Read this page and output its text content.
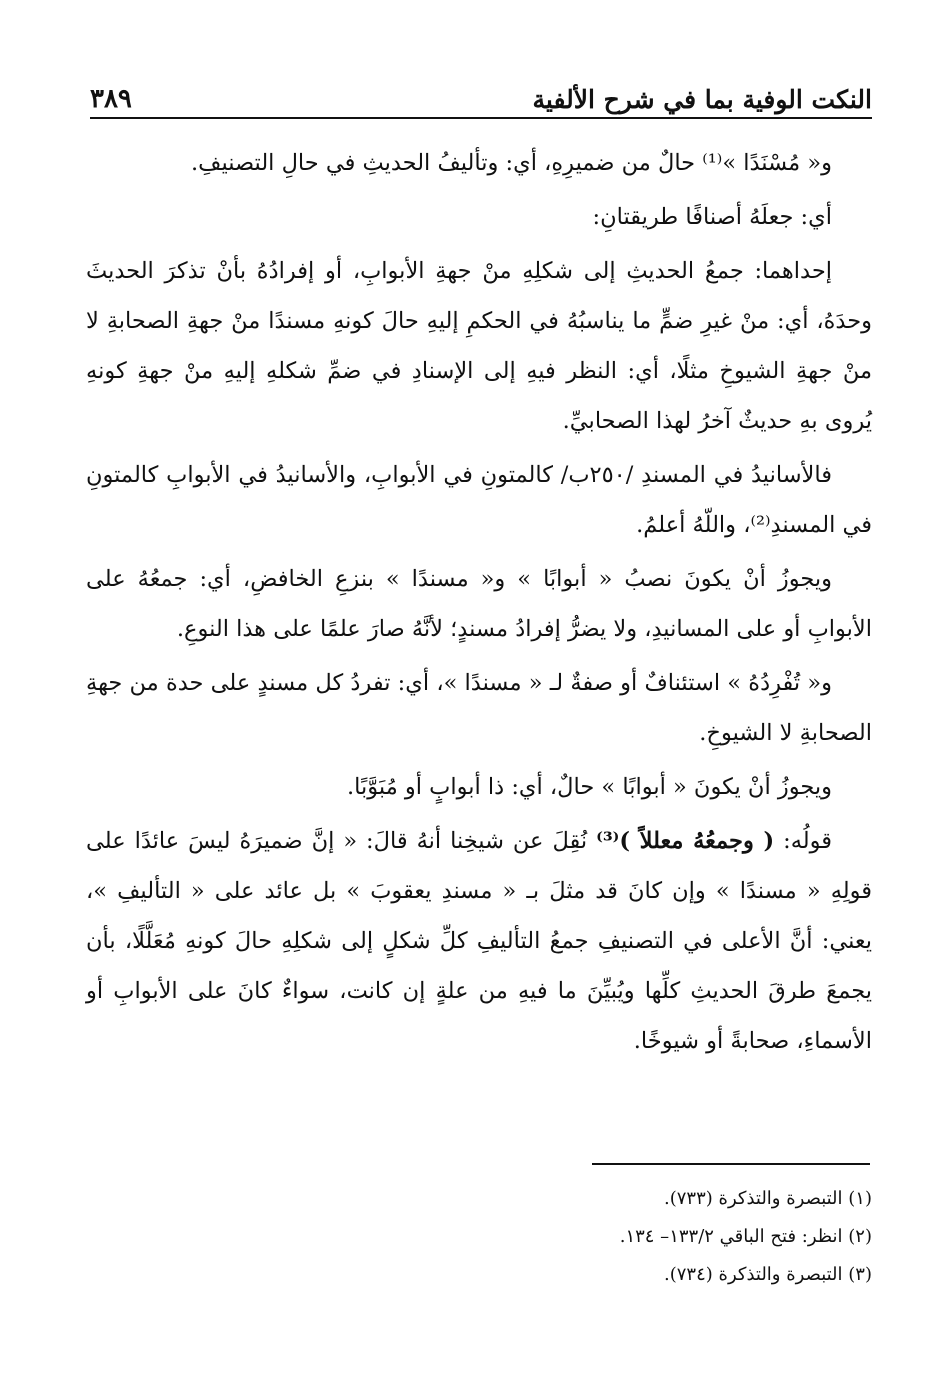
٣٨٩	النكت الوفية بما في شرح الألفية

و« مُسْنَدًا »⁽¹⁾ حالٌ من ضميرِهِ، أي: وتأليفُ الحديثِ في حالِ التصنيفِ.

أي: جعلَهُ أصنافًا طريقتانِ:

إحداهما: جمعُ الحديثِ إلى شكلِهِ منْ جهةِ الأبوابِ، أو إفرادُهُ بأنْ تذكرَ الحديثَ وحدَهُ، أي: منْ غيرِ ضمٍّ ما يناسبُهُ في الحكمِ إليهِ حالَ كونهِ مسندًا منْ جهةِ الصحابةِ لا منْ جهةِ الشيوخِ مثلًا، أي: النظر فيهِ إلى الإسنادِ في ضمِّ شكلهِ إليهِ منْ جهةِ كونهِ يُروى بهِ حديثٌ آخرُ لهذا الصحابيِّ.

فالأسانيدُ في المسندِ /٢٥٠ب/ كالمتونِ في الأبوابِ، والأسانيدُ في الأبوابِ كالمتونِ في المسندِ⁽²⁾، واللّهُ أعلمُ.

ويجوزُ أنْ يكونَ نصبُ « أبوابًا » و« مسندًا » بنزعِ الخافضِ، أي: جمعُهُ على الأبوابِ أو على المسانيدِ، ولا يضرُّ إفرادُ مسندٍ؛ لأنَّهُ صارَ علمًا على هذا النوعِ.

و« تُفْرِدُهُ » استئنافٌ أو صفةٌ لـ « مسندًا »، أي: تفردُ كل مسندٍ على حدة من جهةِ الصحابةِ لا الشيوخِ.

ويجوزُ أنْ يكونَ « أبوابًا » حالٌ، أي: ذا أبوابٍ أو مُبَوَّبًا.

قولُه: ( وجمعُهُ معللاً )⁽³⁾ نُقِلَ عن شيخِنا أنهُ قالَ: « إنَّ ضميرَهُ ليسَ عائدًا على قولِهِ « مسندًا » وإن كانَ قد مثلَ بـ « مسندِ يعقوبَ » بل عائد على « التأليفِ »، يعني: أنَّ الأعلى في التصنيفِ جمعُ التأليفِ كلِّ شكلٍ إلى شكلِهِ حالَ كونهِ مُعَلَّلًا، بأن يجمعَ طرقَ الحديثِ كلِّها ويُبيِّنَ ما فيهِ من علةٍ إن كانت، سواءٌ كانَ على الأبوابِ أو الأسماءِ، صحابةً أو شيوخًا.

(١) التبصرة والتذكرة (٧٣٣).

(٢) انظر: فتح الباقي ١٣٣/٢– ١٣٤.

(٣) التبصرة والتذكرة (٧٣٤).
